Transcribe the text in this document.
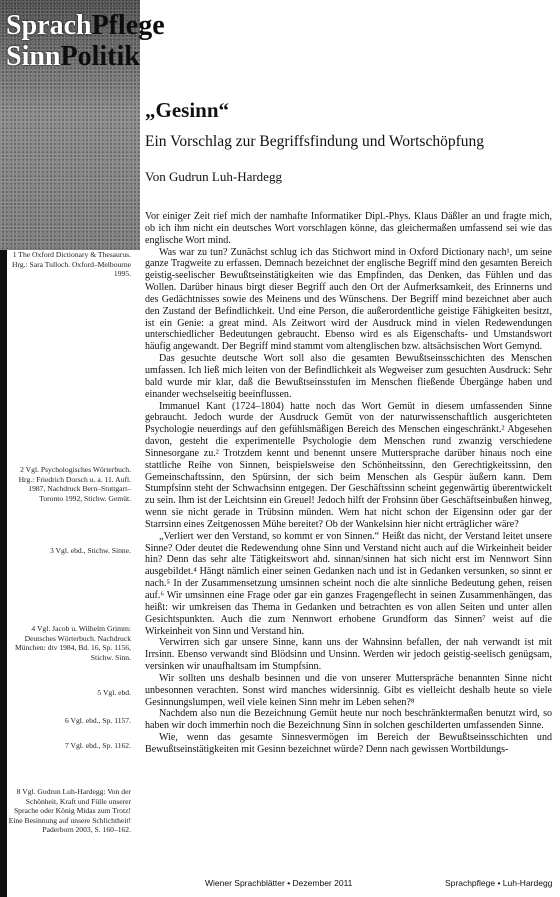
SprachPflege
SinnPolitik
„Gesinn“
Ein Vorschlag zur Begriffsfindung und Wortschöpfung
Von Gudrun Luh-Hardegg

Vor einiger Zeit rief mich der namhafte Informatiker Dipl.-Phys. Klaus Däßler an und fragte mich, ob ich ihm nicht ein deutsches Wort vorschlagen könne, das gleichermaßen umfassend sei wie das englische Wort mind.

Was war zu tun? Zunächst schlug ich das Stichwort mind in Oxford Dictionary nach¹, um seine ganze Tragweite zu erfassen. Demnach bezeichnet der englische Begriff mind den gesamten Bereich geistig-seelischer Bewußtseinstätigkeiten wie das Empfinden, das Denken, das Fühlen und das Wollen. Darüber hinaus birgt dieser Begriff auch den Ort der Aufmerksamkeit, des Erinnerns und des Gedächtnisses sowie des Meinens und des Wünschens. Der Begriff mind bezeichnet aber auch den Zustand der Befindlichkeit. Und eine Person, die außerordentliche geistige Fähigkeiten besitzt, ist ein Genie: a great mind. Als Zeitwort wird der Ausdruck mind in vielen Redewendungen unterschiedlicher Bedeutungen gebraucht. Ebenso wird es als Eigenschafts- und Umstandswort häufig angewandt. Der Begriff mind stammt vom altenglischen bzw. altsächsischen Wort Gemynd.

Das gesuchte deutsche Wort soll also die gesamten Bewußtseinsschichten des Menschen umfassen. Ich ließ mich leiten von der Befindlichkeit als Wegweiser zum gesuchten Ausdruck: Sehr bald wurde mir klar, daß die Bewußtseinsstufen im Menschen fließende Übergänge haben und einander wechselseitig beeinflussen.

Immanuel Kant (1724–1804) hatte noch das Wort Gemüt in diesem umfassenden Sinne gebraucht. Jedoch wurde der Ausdruck Gemüt von der naturwissenschaftlich ausgerichteten Psychologie neuerdings auf den gefühlsmäßigen Bereich des Menschen eingeschränkt.² Abgesehen davon, gesteht die experimentelle Psychologie dem Menschen rund zwanzig verschiedene Sinnesorgane zu.² Trotzdem kennt und benennt unsere Muttersprache darüber hinaus noch eine stattliche Reihe von Sinnen, beispielsweise den Schönheitssinn, den Gerechtigkeitssinn, den Gemeinschaftssinn, den Spürsinn, der sich beim Menschen als Gespür äußern kann. Dem Stumpfsinn steht der Schwachsinn entgegen. Der Geschäftssinn scheint gegenwärtig überentwickelt zu sein. Ihm ist der Leichtsinn ein Greuel! Jedoch hilft der Frohsinn über Geschäftseinbußen hinweg, wenn sie nicht gerade in Trübsinn münden. Wem hat nicht schon der Eigensinn oder gar der Starrsinn eines Zeitgenossen Mühe bereitet? Ob der Wankelsinn hier nicht erträglicher wäre?

„Verliert wer den Verstand, so kommt er von Sinnen.“ Heißt das nicht, der Verstand leitet unsere Sinne? Oder deutet die Redewendung ohne Sinn und Verstand nicht auch auf die Wirkeinheit beider hin? Denn das sehr alte Tätigkeitswort ahd. sinnan/sinnen hat sich nicht erst im Nennwort Sinn ausgebildet.⁴ Hängt nämlich einer seinen Gedanken nach und ist in Gedanken versunken, so sinnt er nach.⁵ In der Zusammensetzung umsinnen scheint noch die alte sinnliche Bedeutung gehen, reisen auf.⁶ Wir umsinnen eine Frage oder gar ein ganzes Fragengeflecht in seinen Zusammenhängen, das heißt: wir umkreisen das Thema in Gedanken und betrachten es von allen Seiten und unter allen Gesichtspunkten. Auch die zum Nennwort erhobene Grundform das Sinnen⁷ weist auf die Wirkeinheit von Sinn und Verstand hin.

Verwirren sich gar unsere Sinne, kann uns der Wahnsinn befallen, der nah verwandt ist mit Irrsinn. Ebenso verwandt sind Blödsinn und Unsinn. Werden wir jedoch geistig-seelisch genügsam, versinken wir unaufhaltsam im Stumpfsinn.

Wir sollten uns deshalb besinnen und die von unserer Mutterspräche benannten Sinne nicht unbesonnen verachten. Sonst wird manches widersinnig. Gibt es vielleicht deshalb heute so viele Gesinnungslumpen, weil viele keinen Sinn mehr im Leben sehen?⁸

Nachdem also nun die Bezeichnung Gemüt heute nur noch beschränktermaßen benutzt wird, so haben wir doch immerhin noch die Bezeichnung Sinn in solchen geschilderten umfassenden Sinne.

Wie, wenn das gesamte Sinnesvermögen im Bereich der Bewußtseinsschichten und Bewußtseinstätigkeiten mit Gesinn bezeichnet würde? Denn nach gewissen Wortbildungs-

1 The Oxford Dictionary & Thesaurus. Hrg.: Sara Tulloch. Oxford–Melbourne 1995.
2 Vgl. Psychologisches Wörterbuch. Hrg.: Friedrich Dorsch u. a. 11. Aufl. 1987, Nachdruck Bern–Stuttgart–Toronto 1992, Stichw. Gemüt.
3 Vgl. ebd., Stichw. Sinne.
4 Vgl. Jacob u. Wilhelm Grimm: Deutsches Wörterbuch. Nachdruck München: dtv 1984, Bd. 16, Sp. 1156, Stichw. Sinn.
5 Vgl. ebd.
6 Vgl. ebd., Sp. 1157.
7 Vgl. ebd., Sp. 1162.
8 Vgl. Gudrun Luh-Hardegg: Von der Schönheit, Kraft und Fülle unserer Sprache oder König Midas zum Trotz! Eine Besinnung auf unsere Schlichtheit! Paderborn 2003, S. 160–162.
Wiener Sprachblätter • Dezember 2011	Sprachpflege • Luh-Hardegg
